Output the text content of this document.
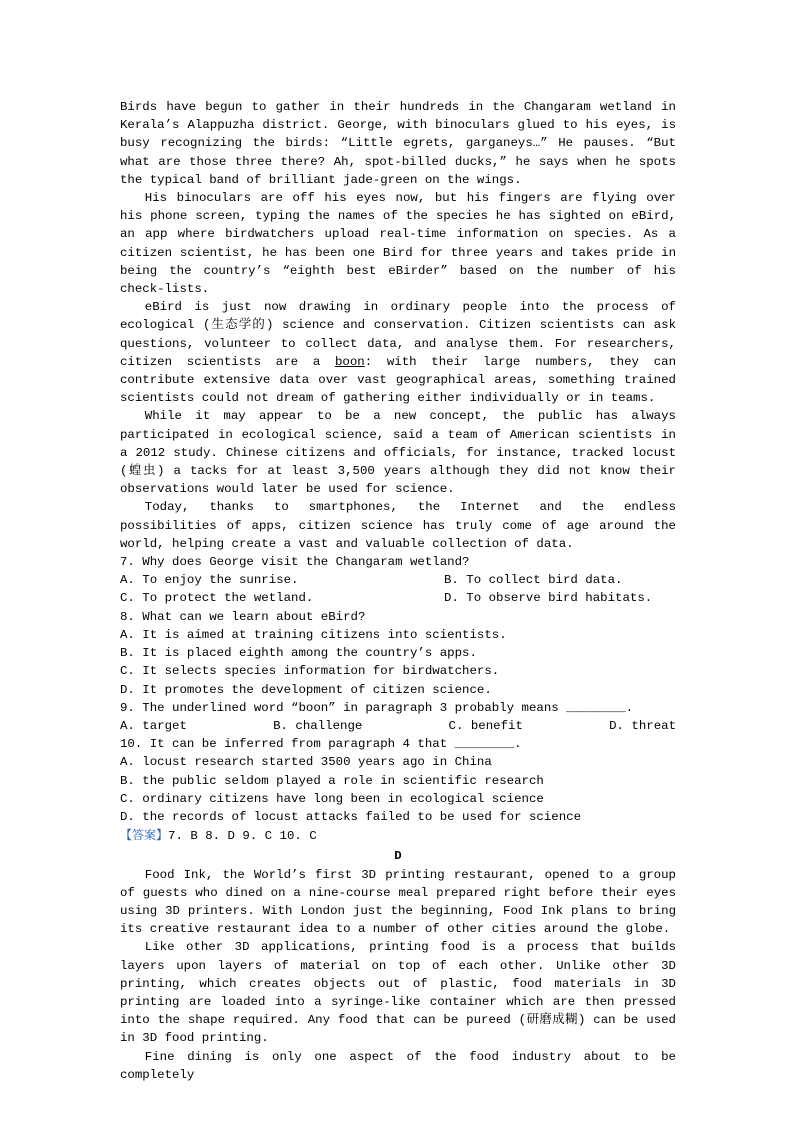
Birds have begun to gather in their hundreds in the Changaram wetland in Kerala’s Alappuzha district. George, with binoculars glued to his eyes, is busy recognizing the birds: “Little egrets, garganeys…” He pauses. “But what are those three there? Ah, spot-billed ducks,” he says when he spots the typical band of brilliant jade-green on the wings.

His binoculars are off his eyes now, but his fingers are flying over his phone screen, typing the names of the species he has sighted on eBird, an app where birdwatchers upload real-time information on species. As a citizen scientist, he has been one Bird for three years and takes pride in being the country’s “eighth best eBirder” based on the number of his check-lists.

eBird is just now drawing in ordinary people into the process of ecological (生态学的) science and conservation. Citizen scientists can ask questions, volunteer to collect data, and analyse them. For researchers, citizen scientists are a boon: with their large numbers, they can contribute extensive data over vast geographical areas, something trained scientists could not dream of gathering either individually or in teams.

While it may appear to be a new concept, the public has always participated in ecological science, said a team of American scientists in a 2012 study. Chinese citizens and officials, for instance, tracked locust (蝗虫) a tacks for at least 3,500 years although they did not know their observations would later be used for science.

Today, thanks to smartphones, the Internet and the endless possibilities of apps, citizen science has truly come of age around the world, helping create a vast and valuable collection of data.

7. Why does George visit the Changaram wetland?

A. To enjoy the sunrise.	B. To collect bird data.
C. To protect the wetland.	D. To observe bird habitats.

8. What can we learn about eBird?

A. It is aimed at training citizens into scientists.

B. It is placed eighth among the country’s apps.

C. It selects species information for birdwatchers.

D. It promotes the development of citizen science.

9. The underlined word “boon” in paragraph 3 probably means ________.

A. target	B. challenge	C. benefit	D. threat

10. It can be inferred from paragraph 4 that ________.

A. locust research started 3500 years ago in China

B. the public seldom played a role in scientific research

C. ordinary citizens have long been in ecological science

D. the records of locust attacks failed to be used for science

【答案】7. B 8. D 9. C 10. C

D

Food Ink, the World’s first 3D printing restaurant, opened to a group of guests who dined on a nine-course meal prepared right before their eyes using 3D printers. With London just the beginning, Food Ink plans to bring its creative restaurant idea to a number of other cities around the globe.

Like other 3D applications, printing food is a process that builds layers upon layers of material on top of each other. Unlike other 3D printing, which creates objects out of plastic, food materials in 3D printing are loaded into a syringe-like container which are then pressed into the shape required. Any food that can be pureed (研磨成糊) can be used in 3D food printing.

Fine dining is only one aspect of the food industry about to be completely
